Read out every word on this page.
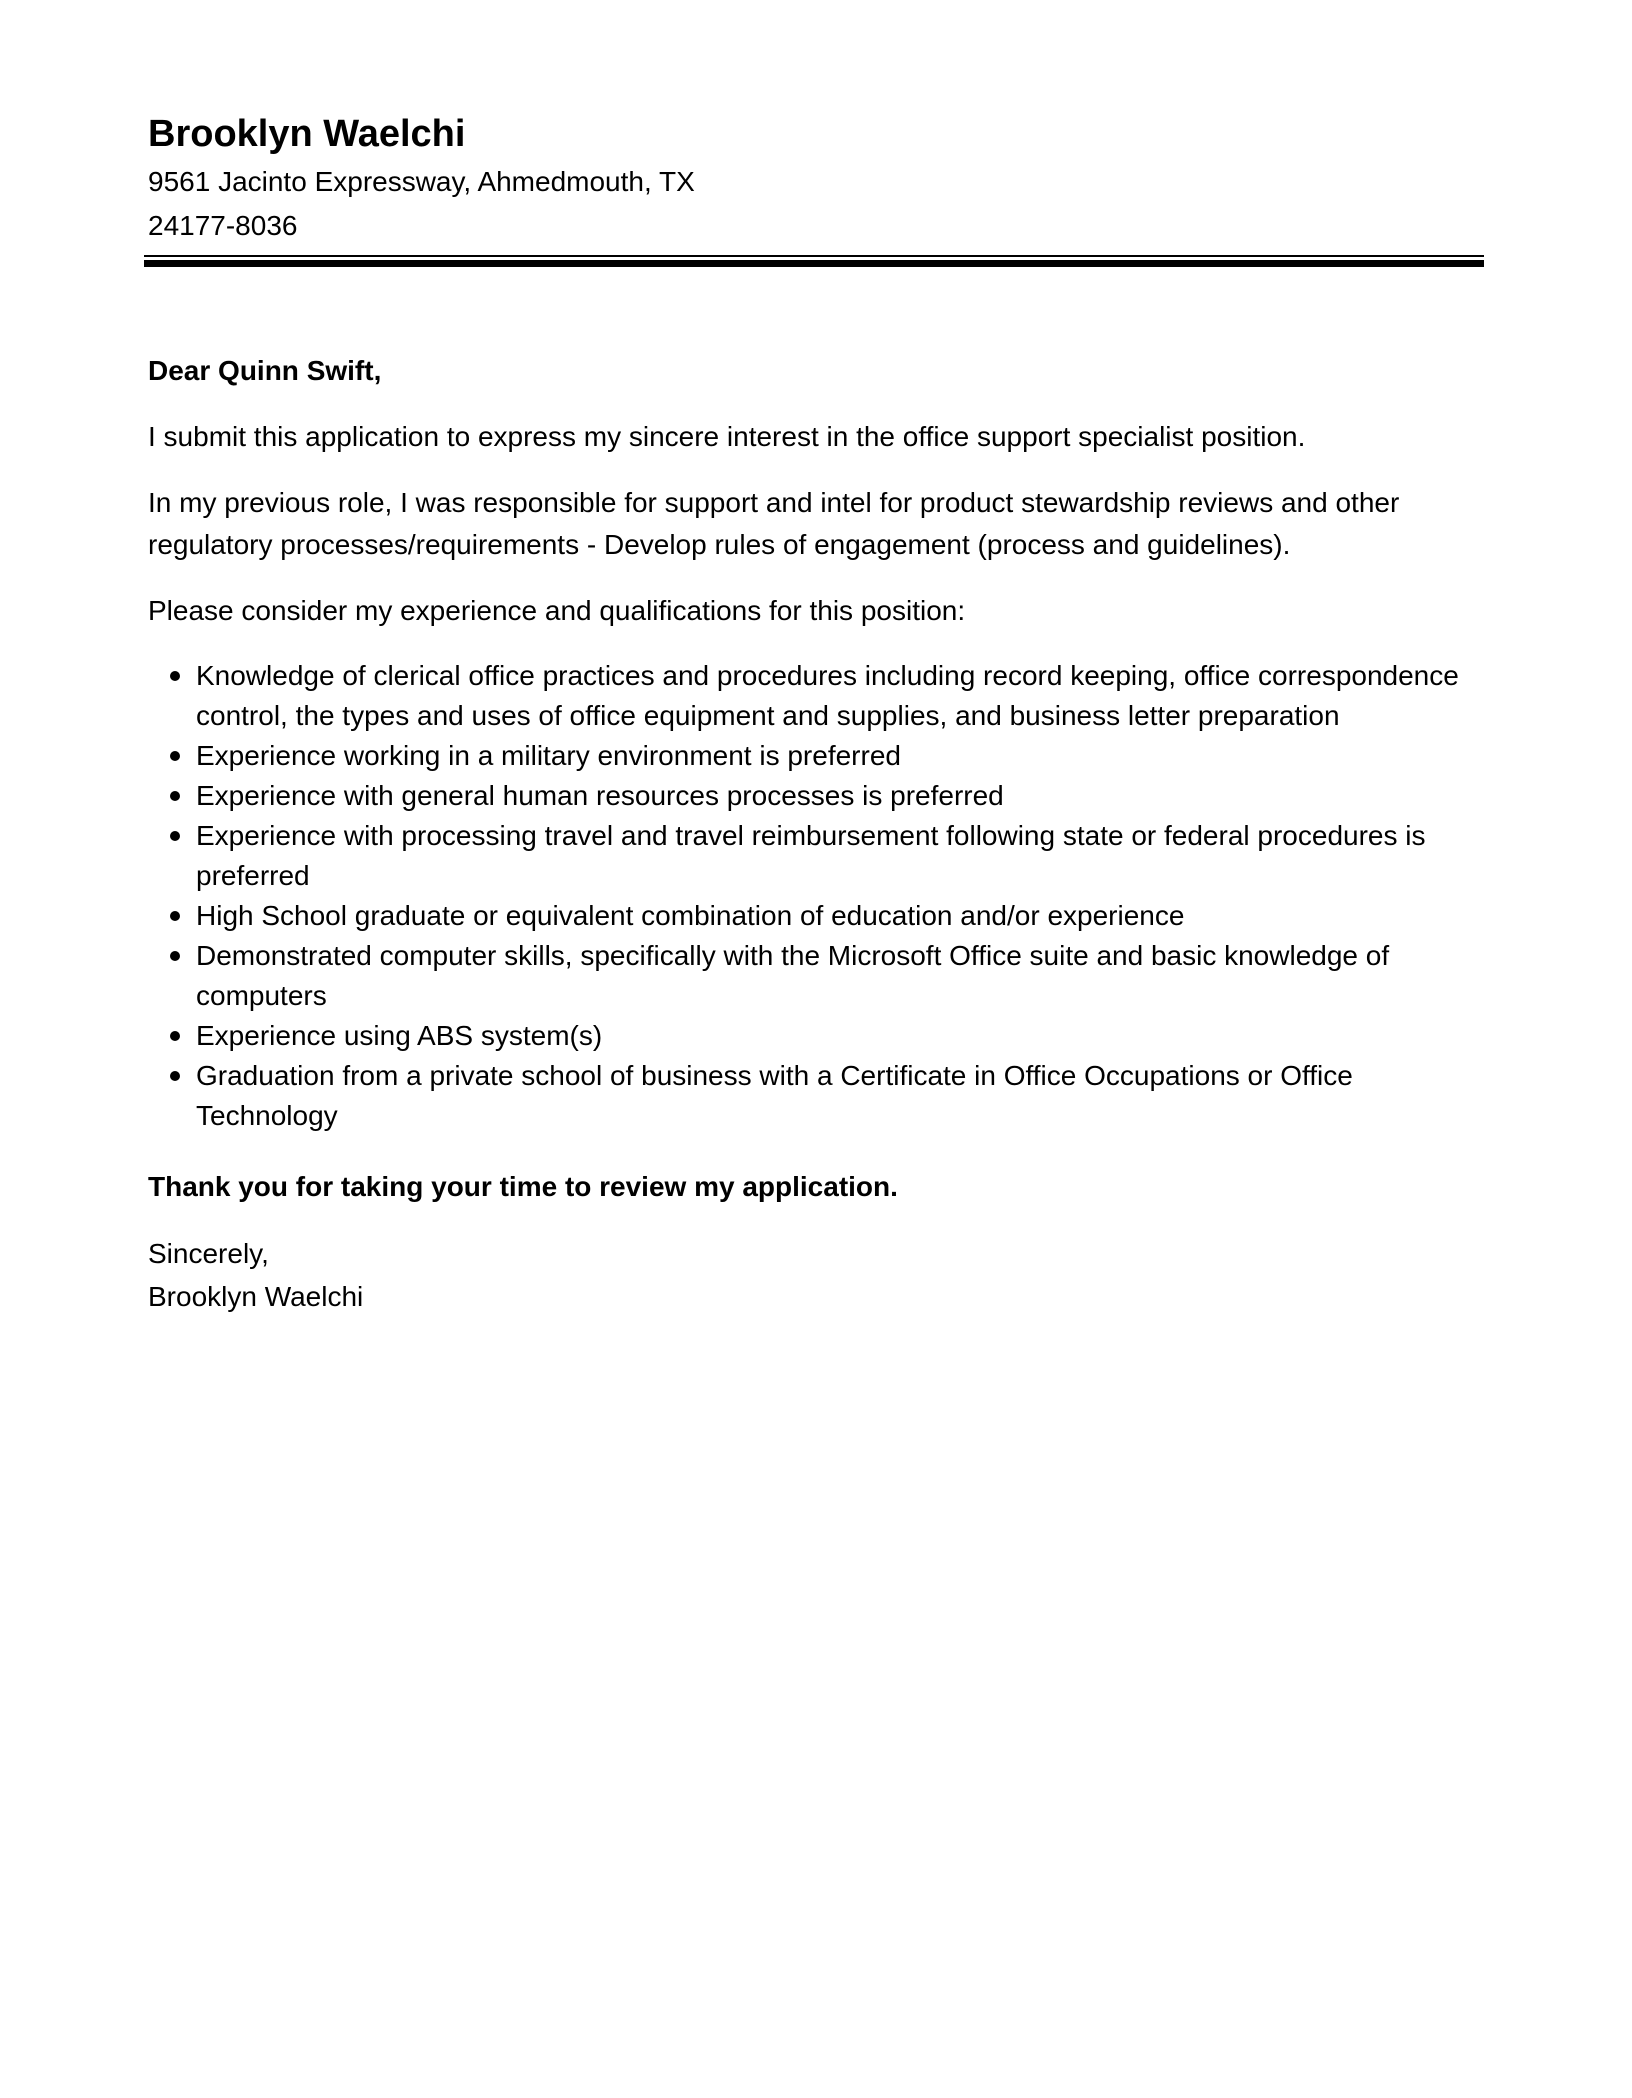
Brooklyn Waelchi
9561 Jacinto Expressway, Ahmedmouth, TX
24177-8036
Dear Quinn Swift,

I submit this application to express my sincere interest in the office support specialist position.

In my previous role, I was responsible for support and intel for product stewardship reviews and other regulatory processes/requirements - Develop rules of engagement (process and guidelines).

Please consider my experience and qualifications for this position:

Knowledge of clerical office practices and procedures including record keeping, office correspondence control, the types and uses of office equipment and supplies, and business letter preparation
Experience working in a military environment is preferred
Experience with general human resources processes is preferred
Experience with processing travel and travel reimbursement following state or federal procedures is preferred
High School graduate or equivalent combination of education and/or experience
Demonstrated computer skills, specifically with the Microsoft Office suite and basic knowledge of computers
Experience using ABS system(s)
Graduation from a private school of business with a Certificate in Office Occupations or Office Technology
Thank you for taking your time to review my application.
Sincerely,
Brooklyn Waelchi
